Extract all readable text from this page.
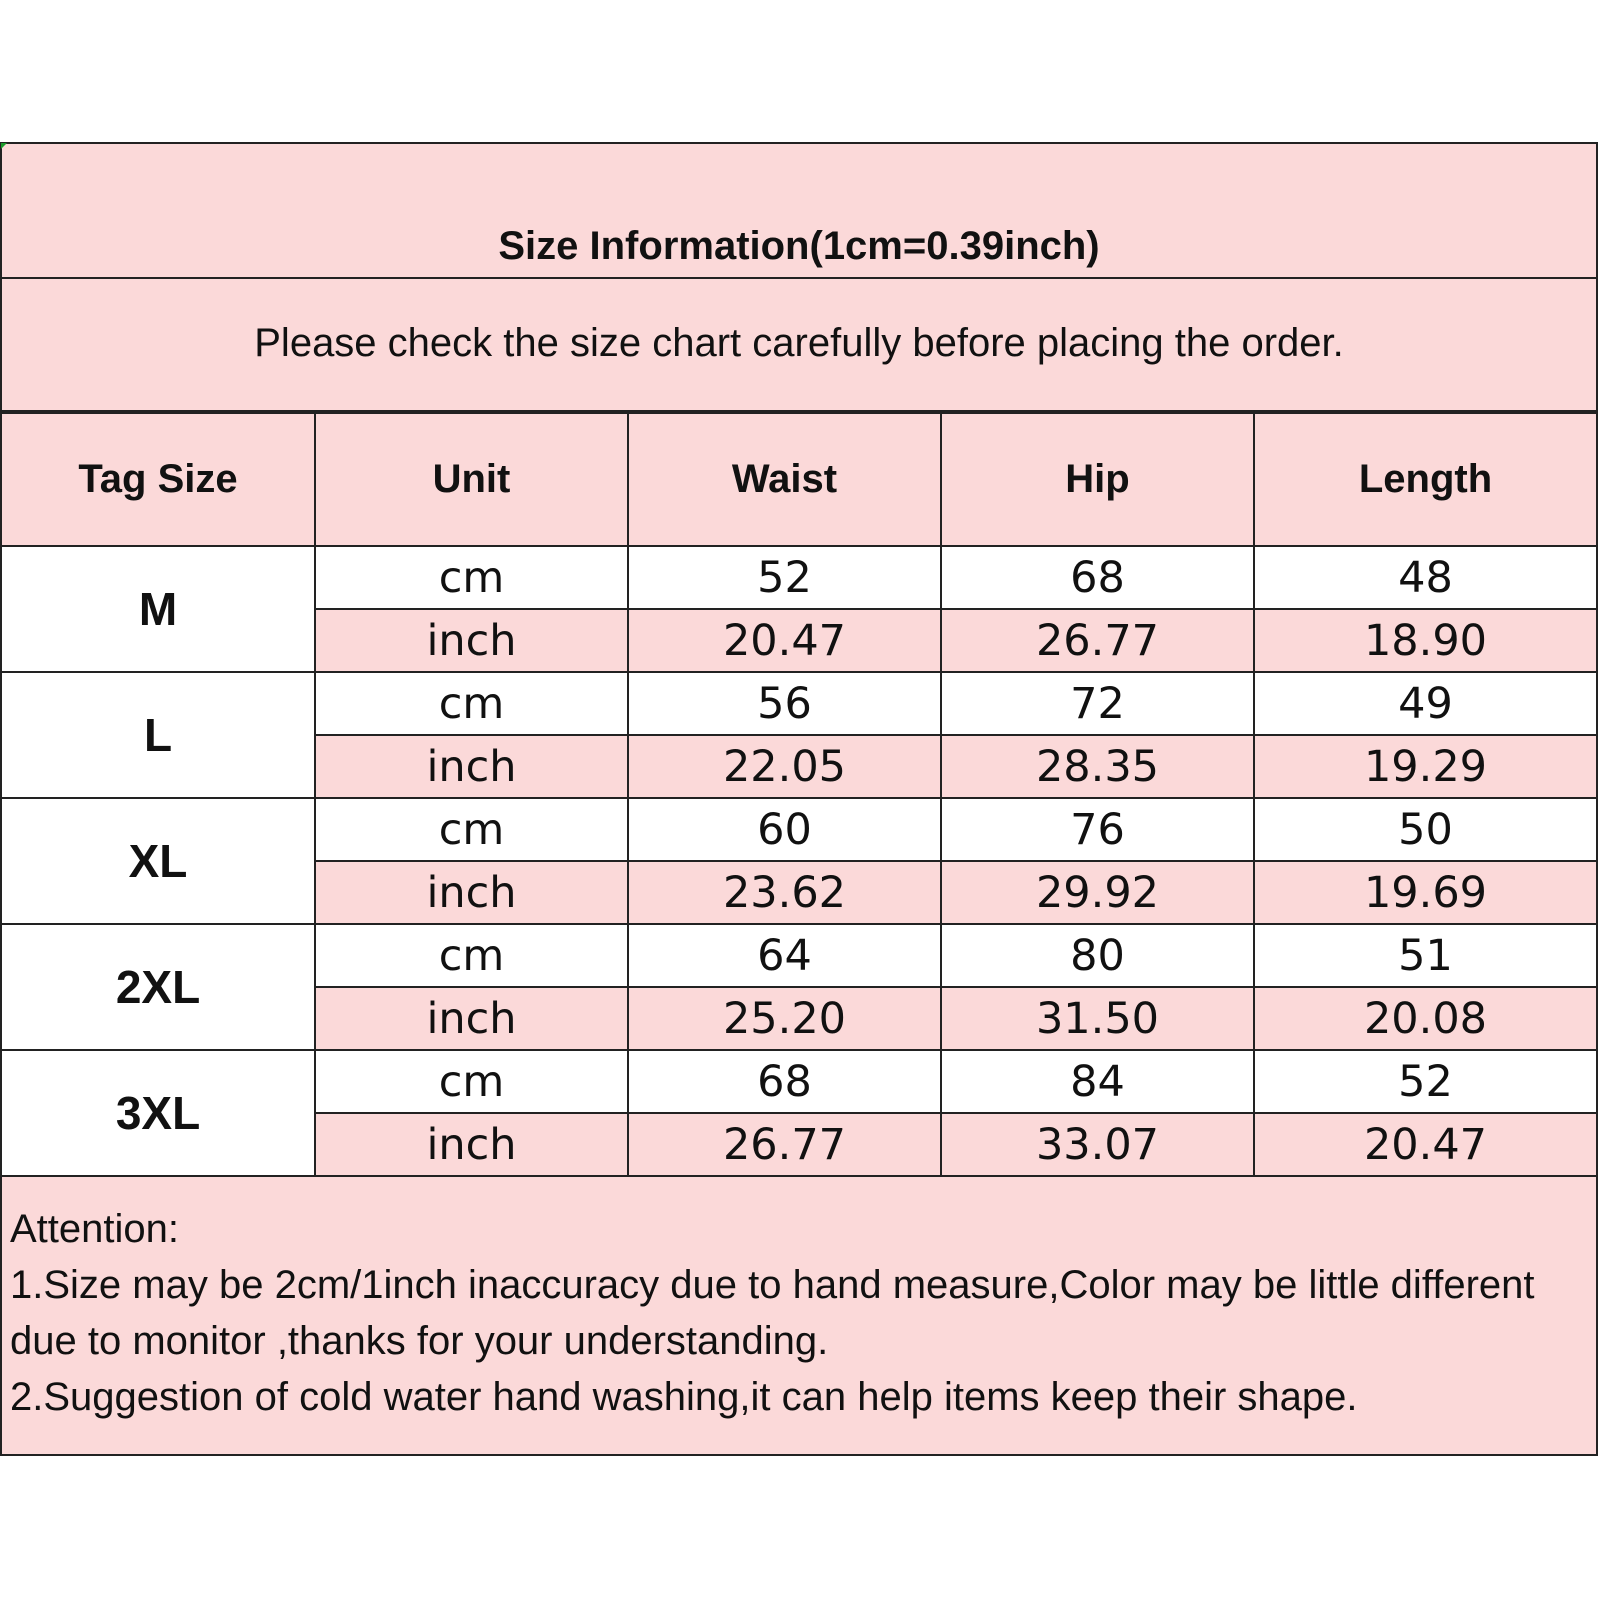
Size Information(1cm=0.39inch)
Please check the size chart carefully before placing the order.
Tag Size	Unit	Waist	Hip	Length
M	cm	52	68	48
	inch	20.47	26.77	18.90
L	cm	56	72	49
	inch	22.05	28.35	19.29
XL	cm	60	76	50
	inch	23.62	29.92	19.69
2XL	cm	64	80	51
	inch	25.20	31.50	20.08
3XL	cm	68	84	52
	inch	26.77	33.07	20.47
Attention:
1.Size may be 2cm/1inch inaccuracy due to hand measure,Color may be little different due to monitor ,thanks for your understanding.
2.Suggestion of cold water hand washing,it can help items keep their shape.
